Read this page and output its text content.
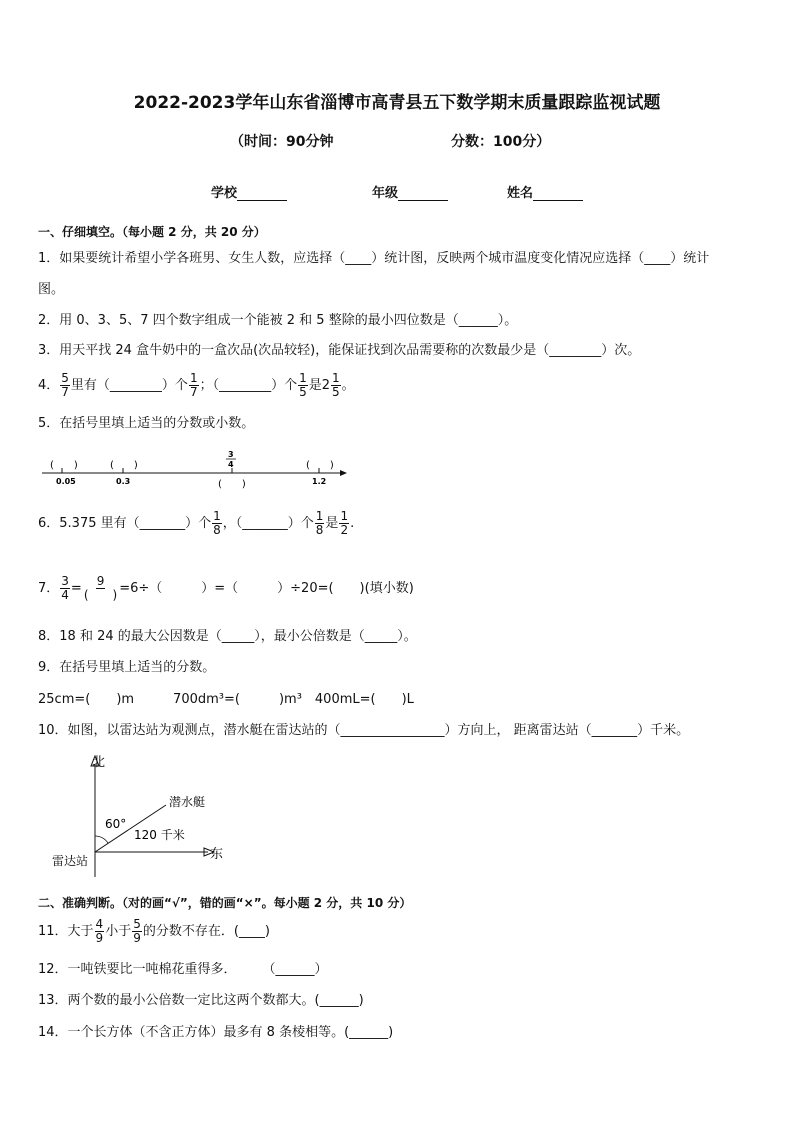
2022-2023学年山东省淄博市高青县五下数学期末质量跟踪监视试题
（时间：90分钟	分数：100分）
学校	年级	姓名
一、仔细填空。（每小题 2 分，共 20 分）
1．如果要统计希望小学各班男、女生人数，应选择（____）统计图，反映两个城市温度变化情况应选择（____）统计
图。
2．用 0、3、5、7 四个数字组成一个能被 2 和 5 整除的最小四位数是（______）。
3．用天平找 24 盒牛奶中的一盒次品(次品较轻)，能保证找到次品需要称的次数最少是（________）次。
4． $\frac{5}{7}$ 里有（________）个 $\frac{1}{7}$ ；（________）个 $\frac{1}{5}$ 是$2 \frac{1}{5}$ 。
5．在括号里填上适当的分数或小数。
(　　)	(　　)	(　　)
3
4
0.05	0.3	(　　)	1.2
6．5.375 里有（_______）个 $\frac{1}{8}$ ，（_______）个 $\frac{1}{8}$ 是 $\frac{1}{2}$ .
7． $\frac{3}{4} = \frac{9}{( )} =6\div$（　　　）=（　　　）÷20=(　　)(填小数)
8．18 和 24 的最大公因数是（_____），最小公倍数是（_____）。
9．在括号里填上适当的分数。
25cm=(　　)m　　　700dm³=(　　　)m³　400mL=(　　)L
10．如图，以雷达站为观测点，潜水艇在雷达站的（________________）方向上， 距离雷达站（_______）千米。
北
东
雷达站
潜水艇
60°
120 千米
二、准确判断。（对的画“√”，错的画“×”。每小题 2 分，共 10 分）
11．大于 $\frac{4}{9}$ 小于 $\frac{5}{9}$ 的分数不存在．(____)
12．一吨铁要比一吨棉花重得多．　　　（______）
13．两个数的最小公倍数一定比这两个数都大。(______)
14．一个长方体（不含正方体）最多有 8 条棱相等。(______)
